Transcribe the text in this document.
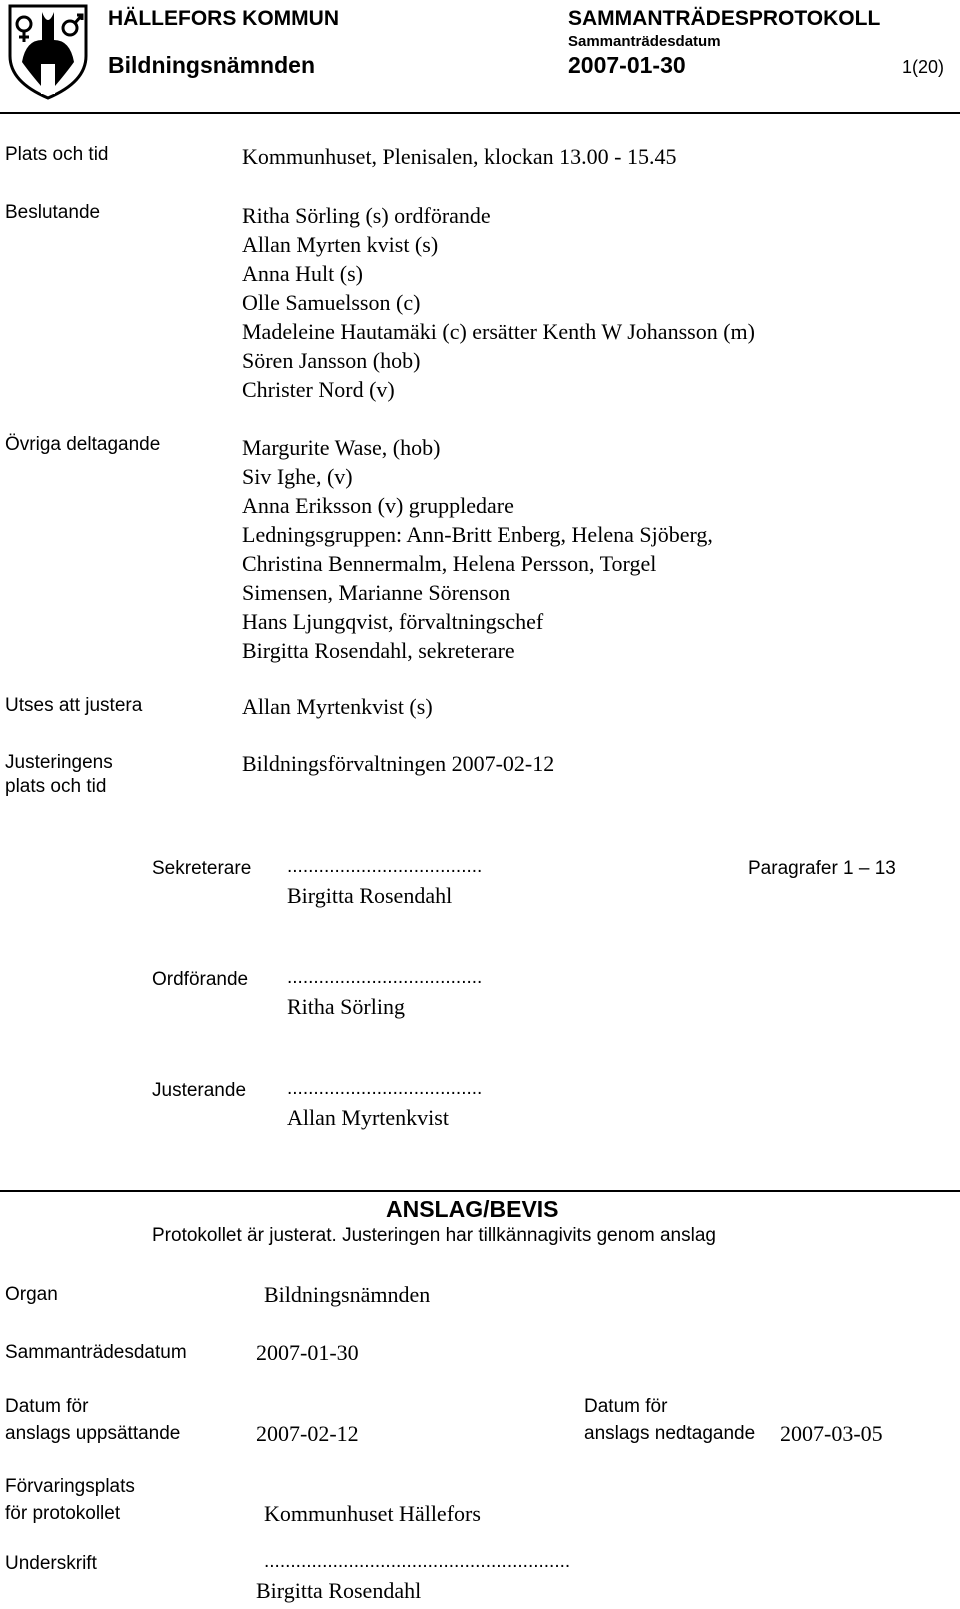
HÄLLEFORS KOMMUN
Bildningsnämnden
SAMMANTRÄDESPROTOKOLL
Sammanträdesdatum
2007-01-30	1(20)
Plats och tid	Kommunhuset, Plenisalen, klockan 13.00 - 15.45
Beslutande	Ritha Sörling (s) ordförande
Allan Myrten kvist (s)
Anna Hult (s)
Olle Samuelsson (c)
Madeleine Hautamäki (c) ersätter Kenth W Johansson (m)
Sören Jansson (hob)
Christer Nord (v)
Övriga deltagande	Margurite Wase, (hob)
Siv Ighe, (v)
Anna Eriksson (v) gruppledare
Ledningsgruppen: Ann-Britt Enberg, Helena Sjöberg,
Christina Bennermalm, Helena Persson, Torgel
Simensen, Marianne Sörenson
Hans Ljungqvist, förvaltningschef
Birgitta Rosendahl, sekreterare
Utses att justera	Allan Myrtenkvist (s)
Justeringens
plats och tid
Bildningsförvaltningen 2007-02-12
Sekreterare .....................................
Birgitta Rosendahl
Paragrafer 1 – 13
Ordförande .....................................
Ritha Sörling
Justerande .....................................
Allan Myrtenkvist
ANSLAG/BEVIS
Protokollet är justerat. Justeringen har tillkännagivits genom anslag
Organ	Bildningsnämnden
Sammanträdesdatum	2007-01-30
Datum för
anslags uppsättande	2007-02-12
Datum för
anslags nedtagande 2007-03-05
Förvaringsplats
för protokollet	Kommunhuset Hällefors
Underskrift	..........................................................
Birgitta Rosendahl
